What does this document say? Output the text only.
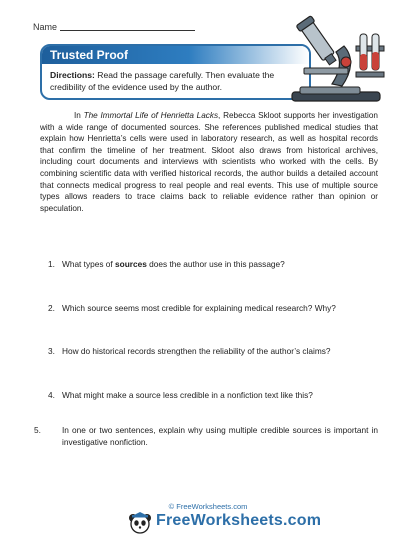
Name
Trusted Proof
Directions: Read the passage carefully. Then evaluate the credibility of the evidence used by the author.

In The Immortal Life of Henrietta Lacks, Rebecca Skloot supports her investigation with a wide range of documented sources. She references published medical studies that explain how Henrietta’s cells were used in laboratory research, as well as hospital records that confirm the timeline of her treatment. Skloot also draws from historical archives, including court documents and interviews with scientists who worked with the cells. By combining scientific data with verified historical records, the author builds a detailed account that connects medical progress to real people and real events. This use of multiple source types allows readers to trace claims back to reliable evidence rather than opinion or speculation.

1. What types of sources does the author use in this passage?
2. Which source seems most credible for explaining medical research? Why?
3. How do historical records strengthen the reliability of the author’s claims?
4. What might make a source less credible in a nonfiction text like this?
5.	In one or two sentences, explain why using multiple credible sources is important in investigative nonfiction.
© FreeWorksheets.com
FreeWorksheets.com
